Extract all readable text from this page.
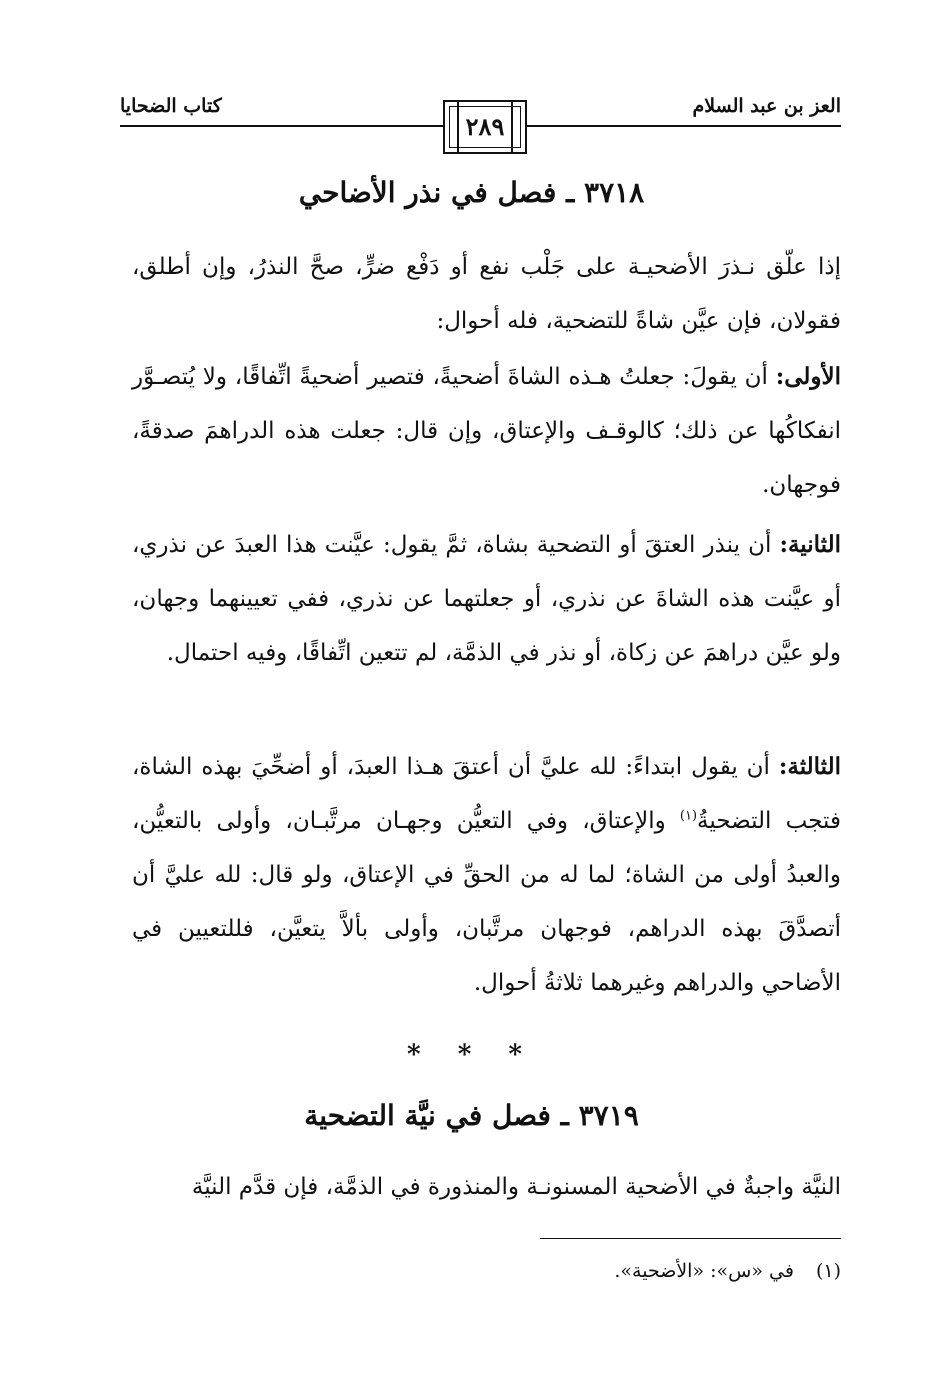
العز بن عبد السلام
كتاب الضحايا
٢٨٩
٣٧١٨ ـ فصل في نذر الأضاحي
إذا علّق نـذرَ الأضحيـة على جَلْب نفع أو دَفْع ضرٍّ، صحَّ النذرُ، وإن أطلق، فقولان، فإن عيَّن شاةً للتضحية، فله أحوال:
الأولى: أن يقولَ: جعلتُ هـذه الشاةَ أضحيةً، فتصير أضحيةً اتِّفاقًا، ولا يُتصـوَّر انفكاكُها عن ذلك؛ كالوقـف والإعتاق، وإن قال: جعلت هذه الدراهمَ صدقةً، فوجهان.
الثانية: أن ينذر العتقَ أو التضحية بشاة، ثمَّ يقول: عيَّنت هذا العبدَ عن نذري، أو عيَّنت هذه الشاةَ عن نذري، أو جعلتهما عن نذري، ففي تعيينهما وجهان، ولو عيَّن دراهمَ عن زكاة، أو نذر في الذمَّة، لم تتعين اتِّفاقًا، وفيه احتمال.
الثالثة: أن يقول ابتداءً: لله عليَّ أن أعتقَ هـذا العبدَ، أو أضحِّيَ بهذه الشاة، فتجب التضحيةُ$^{(١)}$ والإعتاق، وفي التعيُّن وجهـان مرتَّبـان، وأولى بالتعيُّن، والعبدُ أولى من الشاة؛ لما له من الحقِّ في الإعتاق، ولو قال: لله عليَّ أن أتصدَّقَ بهذه الدراهم، فوجهان مرتَّبان، وأولى بألاَّ يتعيَّن، فللتعيين في الأضاحي والدراهم وغيرهما ثلاثةُ أحوال.
* * *
٣٧١٩ ـ فصل في نيَّة التضحية
النيَّة واجبةٌ في الأضحية المسنونـة والمنذورة في الذمَّة، فإن قدَّم النيَّة
(١)في «س»: «الأضحية».
